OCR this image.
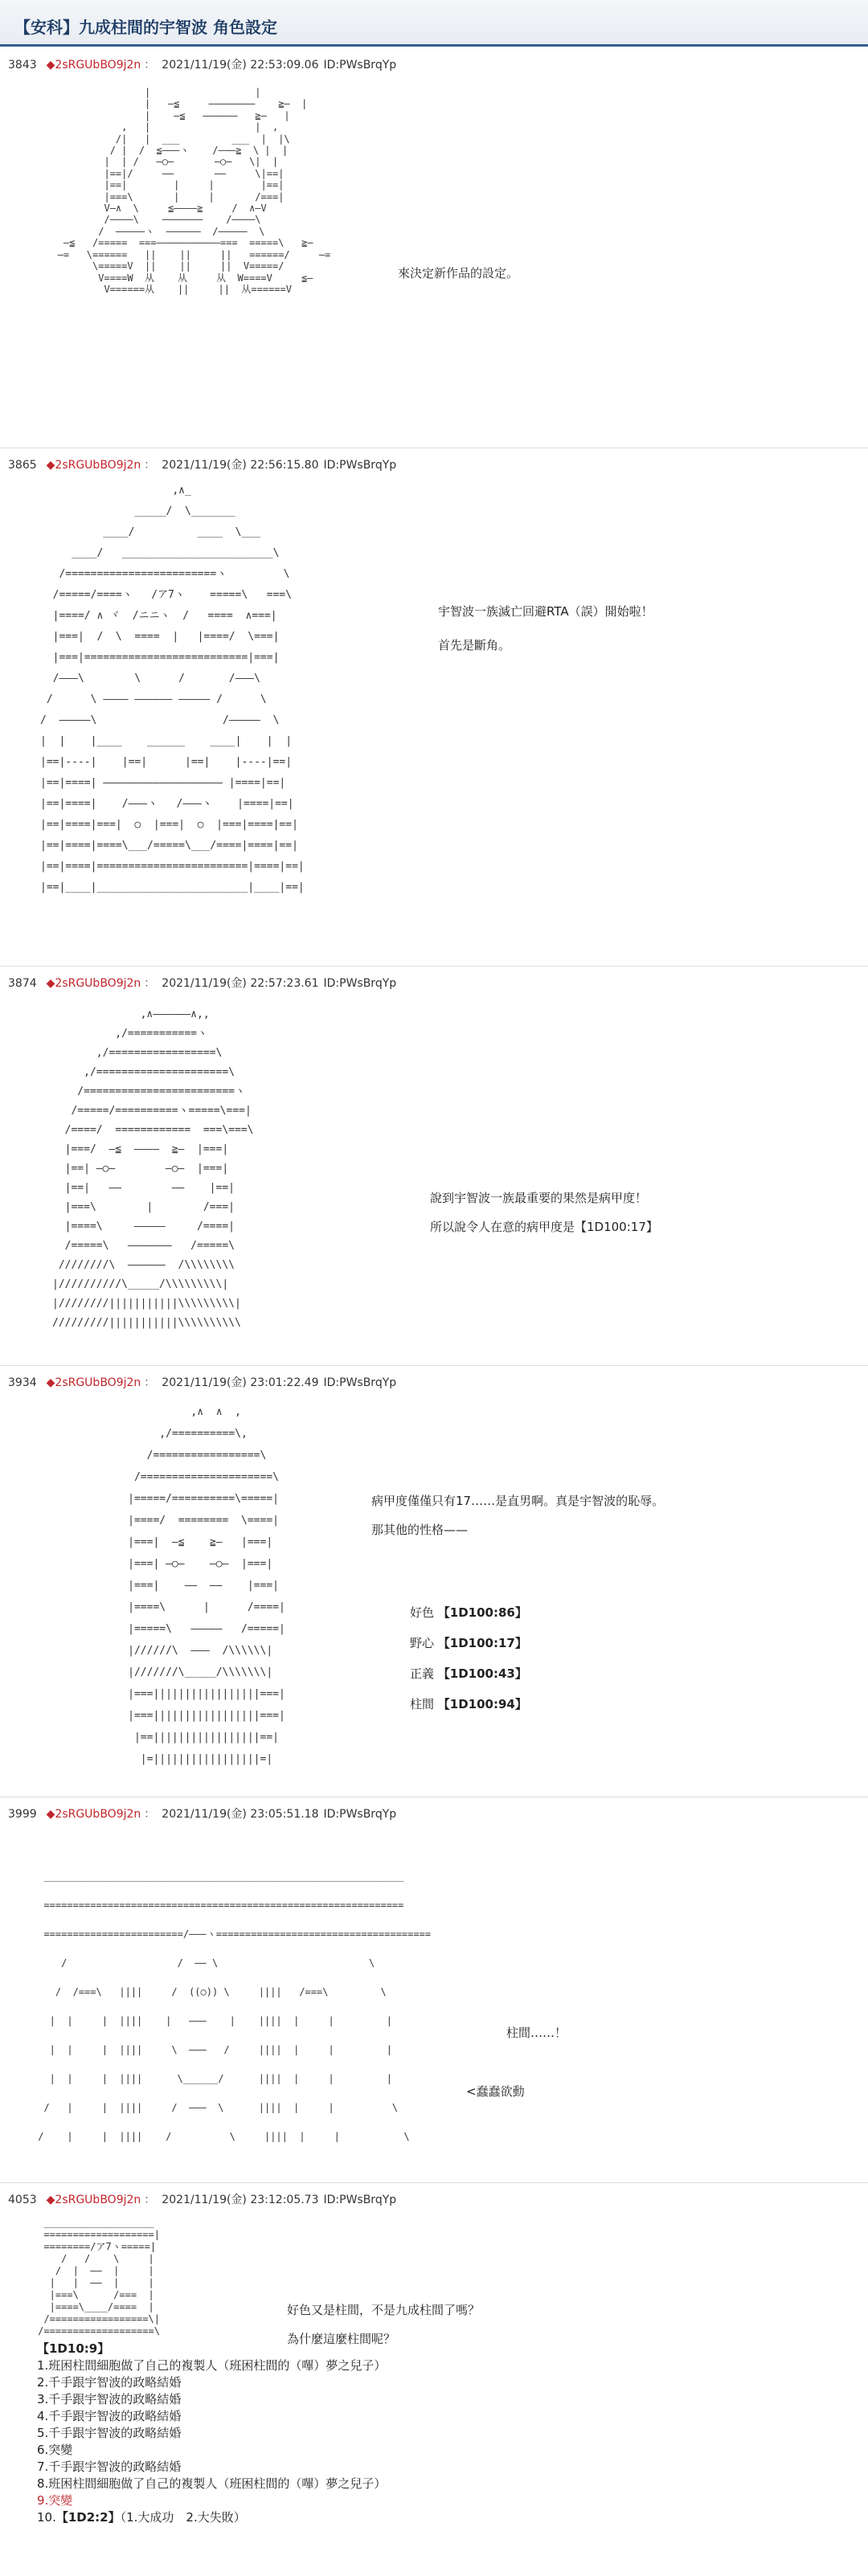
【安科】九成柱間的宇智波 角色設定
3843 ◆2sRGUbBO9j2n ： 2021/11/19(金) 22:53:09.06 ID:PWsBrqYp
|                  |
|   ―≦     ――――――――    ≧―  |
|    ―≦   ――――――   ≧―   |
,   |                  |  ,
/|   |  ___         ___  |  |\
/ |  /  ≦―――ヽ    /―――≧  \ |  |
|  | /   ―○―       ―○―   \|  |
|==|/     ――       ――     \|==|
|==|        |     |        |==|
|===\       |     |       /===|
V―∧  \     ≦――――≧     /  ∧―V
/――――\    ―――――――    /――――\
/  ―――――ヽ  ――――――  /―――――  \
―≦   /=====  ===―――――――――――===  =====\   ≧―
―=   \======   ||    ||     ||   ======/     ―=
\=====V  ||    ||     ||  V=====/
V====W  从    从     从  W====V     ≦―
V======从    ||     ||  从======V
來決定新作品的設定。
3865 ◆2sRGUbBO9j2n ： 2021/11/19(金) 22:56:15.80 ID:PWsBrqYp
,∧_
_____/  \_______
____/          ____  \___
____/   ________________________\
/========================ヽ         \
/=====/====ヽ   /ア7ヽ    =====\   ===\
|====/ ∧ ヾ  /ニニヽ  /   ====  ∧===|
|===|  /  \  ====  |   |====/  \===|
|===|==========================|===|
/―――\        \      /       /―――\
/      \ ―――― ―――――― ――――― /      \
/  ―――――\                    /―――――  \
|  |    |____    ______    ____|    |  |
|==|----|    |==|      |==|    |----|==|
|==|====| ――――――――――――――――――― |====|==|
|==|====|    /―――ヽ   /―――ヽ    |====|==|
|==|====|===|  ○  |===|  ○  |===|====|==|
|==|====|====\___/=====\___/====|====|==|
|==|====|========================|====|==|
|==|____|________________________|____|==|
宇智波一族滅亡回避RTA（誤）開始啦！
首先是斷角。
3874 ◆2sRGUbBO9j2n ： 2021/11/19(金) 22:57:23.61 ID:PWsBrqYp
,∧――――――∧,,
,/===========ヽ
,/=================\
,/=====================\
/========================ヽ
/=====/==========ヽ=====\===|
/====/  ============  ===\===\
|===/  ―≦  ――――  ≧―  |===|
|==| ―○―        ―○―  |===|
|==|   ――        ――    |==|
|===\        |        /===|
|====\     ―――――     /====|
/=====\   ―――――――   /=====\
////////\  ――――――  /\\\\\\\\
|//////////\_____/\\\\\\\\\|
|////////|||||||||||\\\\\\\\\|
/////////|||||||||||\\\\\\\\\\

說到宇智波一族最重要的果然是病甲度！
所以說令人在意的病甲度是【1D100:17】
3934 ◆2sRGUbBO9j2n ： 2021/11/19(金) 23:01:22.49 ID:PWsBrqYp
,∧  ∧  ,
,/==========\,
/=================\
/=====================\
|=====/==========\=====|
|====/  ========  \====|
|===|  ―≦    ≧―   |===|
|===| ―○―    ―○―  |===|
|===|    ――  ――    |===|
|====\      |      /====|
|=====\   ―――――   /=====|
|//////\  ―――  /\\\\\\|
|///////\_____/\\\\\\\|
|===|||||||||||||||||===|
|===|||||||||||||||||===|
|==|||||||||||||||||==|
|=|||||||||||||||||=|
病甲度僅僅只有17……是直男啊。真是宇智波的恥辱。
那其他的性格——
好色 【1D100:86】
野心 【1D100:17】
正義 【1D100:43】
柱間 【1D100:94】
3999 ◆2sRGUbBO9j2n ： 2021/11/19(金) 23:05:51.18 ID:PWsBrqYp
______________________________________________________________
==============================================================
========================/―――ヽ=====================================
/                   /  ―― \                          \
/  /===\   ||||     /  ((○)) \     ||||   /===\         \
|  |     |  ||||    |   ―――    |    ||||  |     |         |
|  |     |  ||||     \  ―――   /     ||||  |     |         |
|  |     |  ||||      \______/      ||||  |     |         |
/   |     |  ||||     /  ―――  \      ||||  |     |          \
/    |     |  ||||    /          \     ||||  |     |           \
柱間……！
<蠢蠢欲動
4053 ◆2sRGUbBO9j2n ： 2021/11/19(金) 23:12:05.73 ID:PWsBrqYp
___________________
===================|
========/ア7ヽ=====|
/   /    \     |
/  |  ――  |     |
|   |  ――  |     |
|===\      /===  |
|====\____/====  |
/=================\|
/===================\
好色又是柱間，不是九成柱間了嗎？
為什麼這麼柱間呢？
【1D10:9】
1.班困柱間細胞做了自己的複製人（班困柱間的（嗶）夢之兒子）
2.千手跟宇智波的政略結婚
3.千手跟宇智波的政略結婚
4.千手跟宇智波的政略結婚
5.千手跟宇智波的政略結婚
6.突變
7.千手跟宇智波的政略結婚
8.班困柱間細胞做了自己的複製人（班困柱間的（嗶）夢之兒子）
9.突變
10.【1D2:2】（1.大成功　2.大失敗）
